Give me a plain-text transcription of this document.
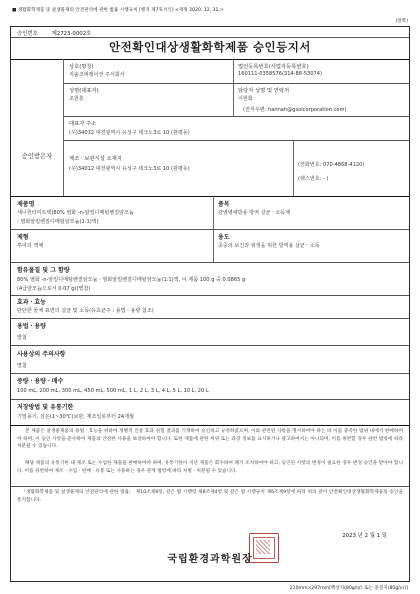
■ 생활화학제품 및 살생물제의 안전관리에 관한 법률 시행규칙 [별지 제7호서식] <개정 2020. 12. 31.>
(앞쪽)
승인번호	제2723-0002호
안전확인대상생활화학제품 승인등지서
승인받은자
상호(명칭)
지솔코퍼레이션 주식회사
법인등록번호(사업자등록번호)
160111-0358576(314-86-53074)
성명(대표자)
조원훈
담당자 성명 및 연락처
이현화
(전자우편: hannah@gsolcorporation.com)
대표자 주소
(우)34012 대전광역시 유성구 테크노3로 10 (관평동)
제조ㆍ보관시설 소재지
(우)34012 대전광역시 유성구 테크노3로 10 (관평동)
(전화번호: 070-4868-4120)
(팩스번호: - )
제품명
세니헌터미트텍(80% 염화 -n-알킬디메틸벤질암모늄
- 염화알킬벤질디메틸암모늄(1:1)액)
품목
감염병예방용 방역 살균ㆍ소독제
제형
투여의 액체
용도
공중의 보건과 위생을 위한 방역용 살균ㆍ소독
함유물질 및 그 함량
80% 염화 -n-알킬디메틸벤질암모늄ㆍ염화알킬벤질디메틸암모늄(1:1)액, 이 제품 100 g 중 0.0865 g
(4급암모늄으로서 0.07 g)(별첨)
효과ㆍ효능
단단한 물체 표면의 살균 및 소독(유효균주 : 용법ㆍ용량 참조)
용법ㆍ용량
별첨
사용상의 주의사항
별첨
중량ㆍ용량ㆍ매수
100 mL, 200 mL, 300 mL, 450 mL, 500 mL, 1 L, 2 L, 3 L, 4 L, 5 L, 10 L, 20 L
저장방법 및 유통기한
기밀용기, 실온(1~30℃)보관, 제조일로부터 24개월
본 제품은 살생물제품의 용법ㆍ효능을 위하여 개별적 인증 효과 실험 결과를 기재하여 승인하고 규정하였으며, 이와 관련된 사항을 명시하여야 하는 바 이를 충족한 범위 내에서 판매하여야 하며, 이 승인 사항을 준수하여 제품의 안전한 사용을 보장하여야 합니다. 또한 제품에 관한 허위 또는 과장 정보를 표시하거나 광고하여서는 아니되며, 이를 위반할 경우 관련 법령에 따라 처분될 수 있습니다.
해당 제품의 유통기한 내 제조 또는 수입한 제품을 판매하여야 하며, 유통기한이 지난 제품은 회수하여 폐기 조치하여야 하고, 승인된 사항의 변경이 필요한 경우 변경 승인을 받아야 합니다. 이를 위반하여 제조ㆍ수입ㆍ판매ㆍ유통 또는 사용하는 경우 관계 법령에 따라 처벌ㆍ처분될 수 있습니다.
「생활화학제품 및 살생물제의 안전관리에 관한 법률」 제10조제6항, 같은 법 시행령 제8조제4항 및 같은 법 시행규칙 제6조제9항에 따라 위의 같이 안전확인대상생활화학제품의 승인을 통지합니다.
2023 년 2 월 1 일
국립환경과학원장
210mm×297mm[백상지(80g/㎡) 또는 중질지(80g/㎡)]
